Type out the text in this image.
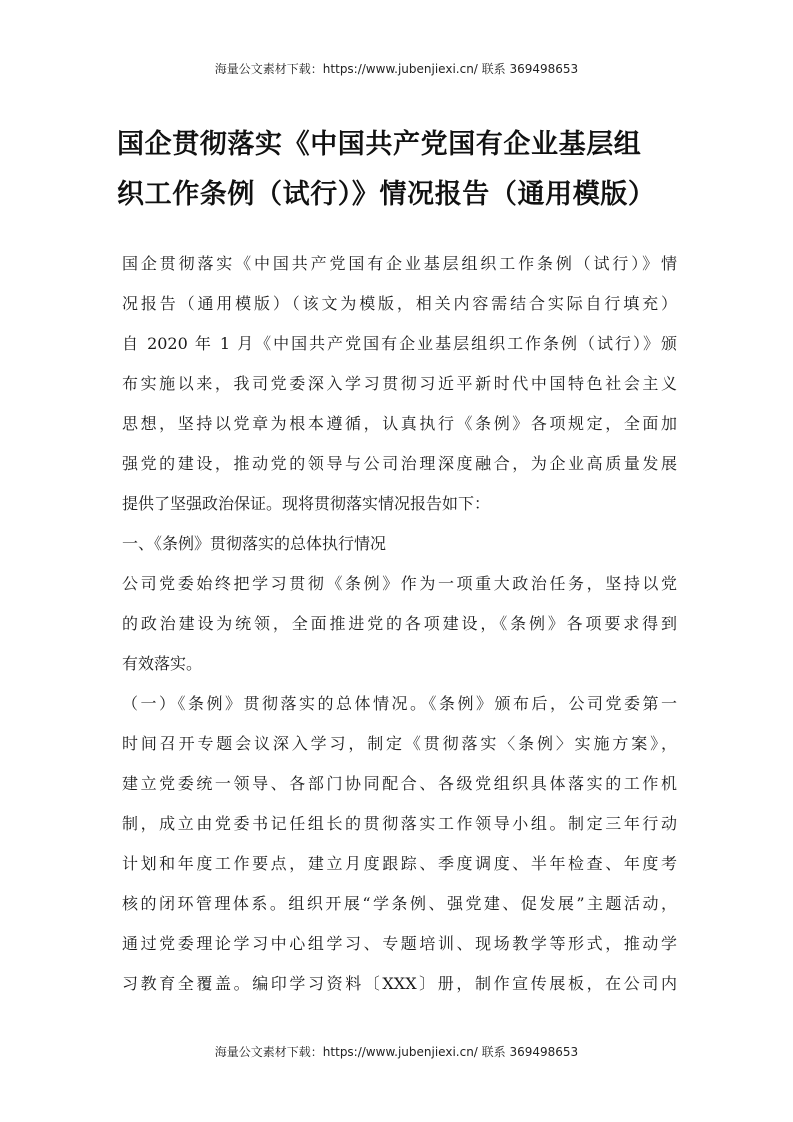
海量公文素材下载：https://www.jubenjiexi.cn/ 联系 369498653
国企贯彻落实《中国共产党国有企业基层组
织工作条例（试行）》情况报告（通用模版）
国企贯彻落实《中国共产党国有企业基层组织工作条例（试行）》情
况报告（通用模版）（该文为模版，相关内容需结合实际自行填充）
自 2020 年 1 月《中国共产党国有企业基层组织工作条例（试行）》颁
布实施以来，我司党委深入学习贯彻习近平新时代中国特色社会主义
思想，坚持以党章为根本遵循，认真执行《条例》各项规定，全面加
强党的建设，推动党的领导与公司治理深度融合，为企业高质量发展
提供了坚强政治保证。现将贯彻落实情况报告如下：
一、《条例》贯彻落实的总体执行情况
公司党委始终把学习贯彻《条例》作为一项重大政治任务，坚持以党
的政治建设为统领，全面推进党的各项建设，《条例》各项要求得到
有效落实。
（一）《条例》贯彻落实的总体情况。《条例》颁布后，公司党委第一
时间召开专题会议深入学习，制定《贯彻落实〈条例〉实施方案》，
建立党委统一领导、各部门协同配合、各级党组织具体落实的工作机
制，成立由党委书记任组长的贯彻落实工作领导小组。制定三年行动
计划和年度工作要点，建立月度跟踪、季度调度、半年检查、年度考
核的闭环管理体系。组织开展“学条例、强党建、促发展”主题活动，
通过党委理论学习中心组学习、专题培训、现场教学等形式，推动学
习教育全覆盖。编印学习资料〔XXX〕册，制作宣传展板，在公司内
海量公文素材下载：https://www.jubenjiexi.cn/ 联系 369498653
